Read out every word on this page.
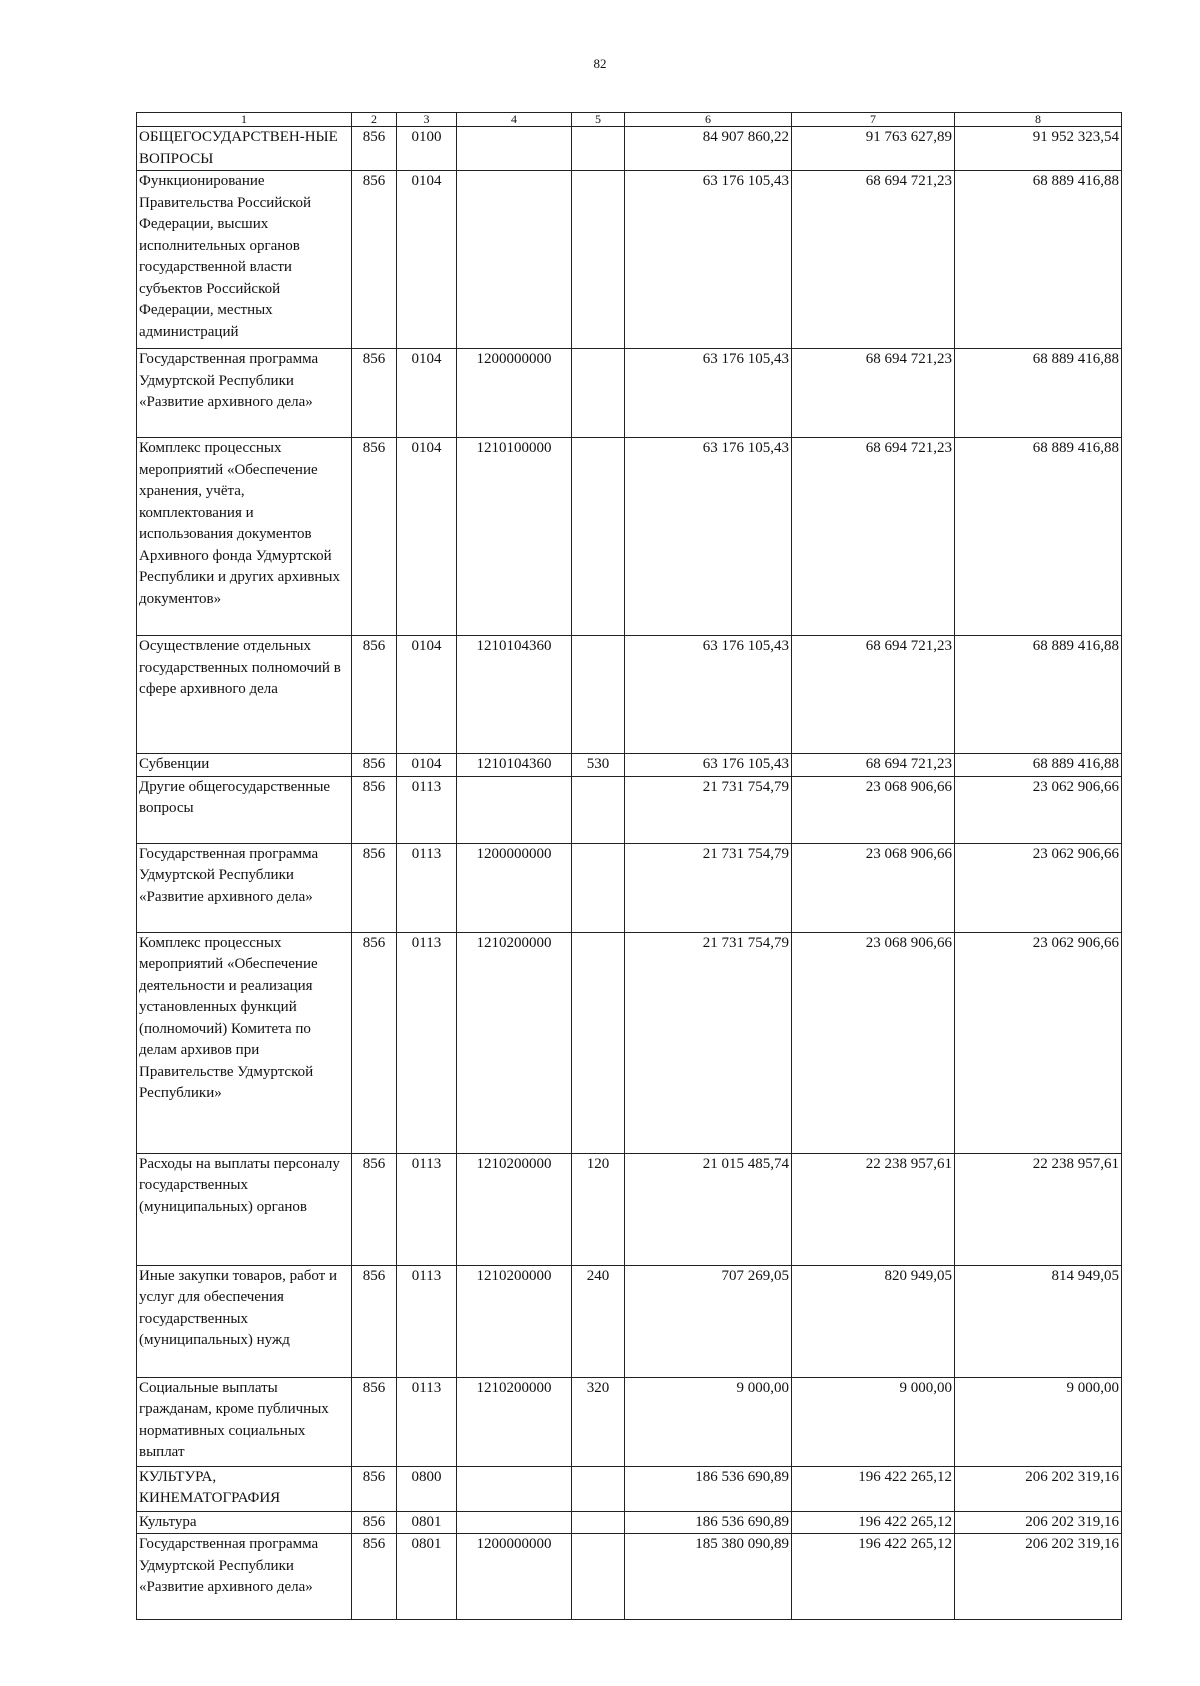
82
1	2	3	4	5	6	7	8
ОБЩЕГОСУДАРСТВЕН-НЫЕ ВОПРОСЫ	856	0100			84 907 860,22	91 763 627,89	91 952 323,54
Функционирование Правительства Российской Федерации, высших исполнительных органов государственной власти субъектов Российской Федерации, местных администраций	856	0104			63 176 105,43	68 694 721,23	68 889 416,88
Государственная программа Удмуртской Республики «Развитие архивного дела»	856	0104	1200000000		63 176 105,43	68 694 721,23	68 889 416,88
Комплекс процессных мероприятий «Обеспечение хранения, учёта, комплектования и использования документов Архивного фонда Удмуртской Республики и других архивных документов»	856	0104	1210100000		63 176 105,43	68 694 721,23	68 889 416,88
Осуществление отдельных государственных полномочий в сфере архивного дела	856	0104	1210104360		63 176 105,43	68 694 721,23	68 889 416,88
Субвенции	856	0104	1210104360	530	63 176 105,43	68 694 721,23	68 889 416,88
Другие общегосударственные вопросы	856	0113			21 731 754,79	23 068 906,66	23 062 906,66
Государственная программа Удмуртской Республики «Развитие архивного дела»	856	0113	1200000000		21 731 754,79	23 068 906,66	23 062 906,66
Комплекс процессных мероприятий «Обеспечение деятельности и реализация установленных функций (полномочий) Комитета по делам архивов при Правительстве Удмуртской Республики»	856	0113	1210200000		21 731 754,79	23 068 906,66	23 062 906,66
Расходы на выплаты персоналу государственных (муниципальных) органов	856	0113	1210200000	120	21 015 485,74	22 238 957,61	22 238 957,61
Иные закупки товаров, работ и услуг для обеспечения государственных (муниципальных) нужд	856	0113	1210200000	240	707 269,05	820 949,05	814 949,05
Социальные выплаты гражданам, кроме публичных нормативных социальных выплат	856	0113	1210200000	320	9 000,00	9 000,00	9 000,00
КУЛЬТУРА, КИНЕМАТОГРАФИЯ	856	0800			186 536 690,89	196 422 265,12	206 202 319,16
Культура	856	0801			186 536 690,89	196 422 265,12	206 202 319,16
Государственная программа Удмуртской Республики «Развитие архивного дела»	856	0801	1200000000		185 380 090,89	196 422 265,12	206 202 319,16
